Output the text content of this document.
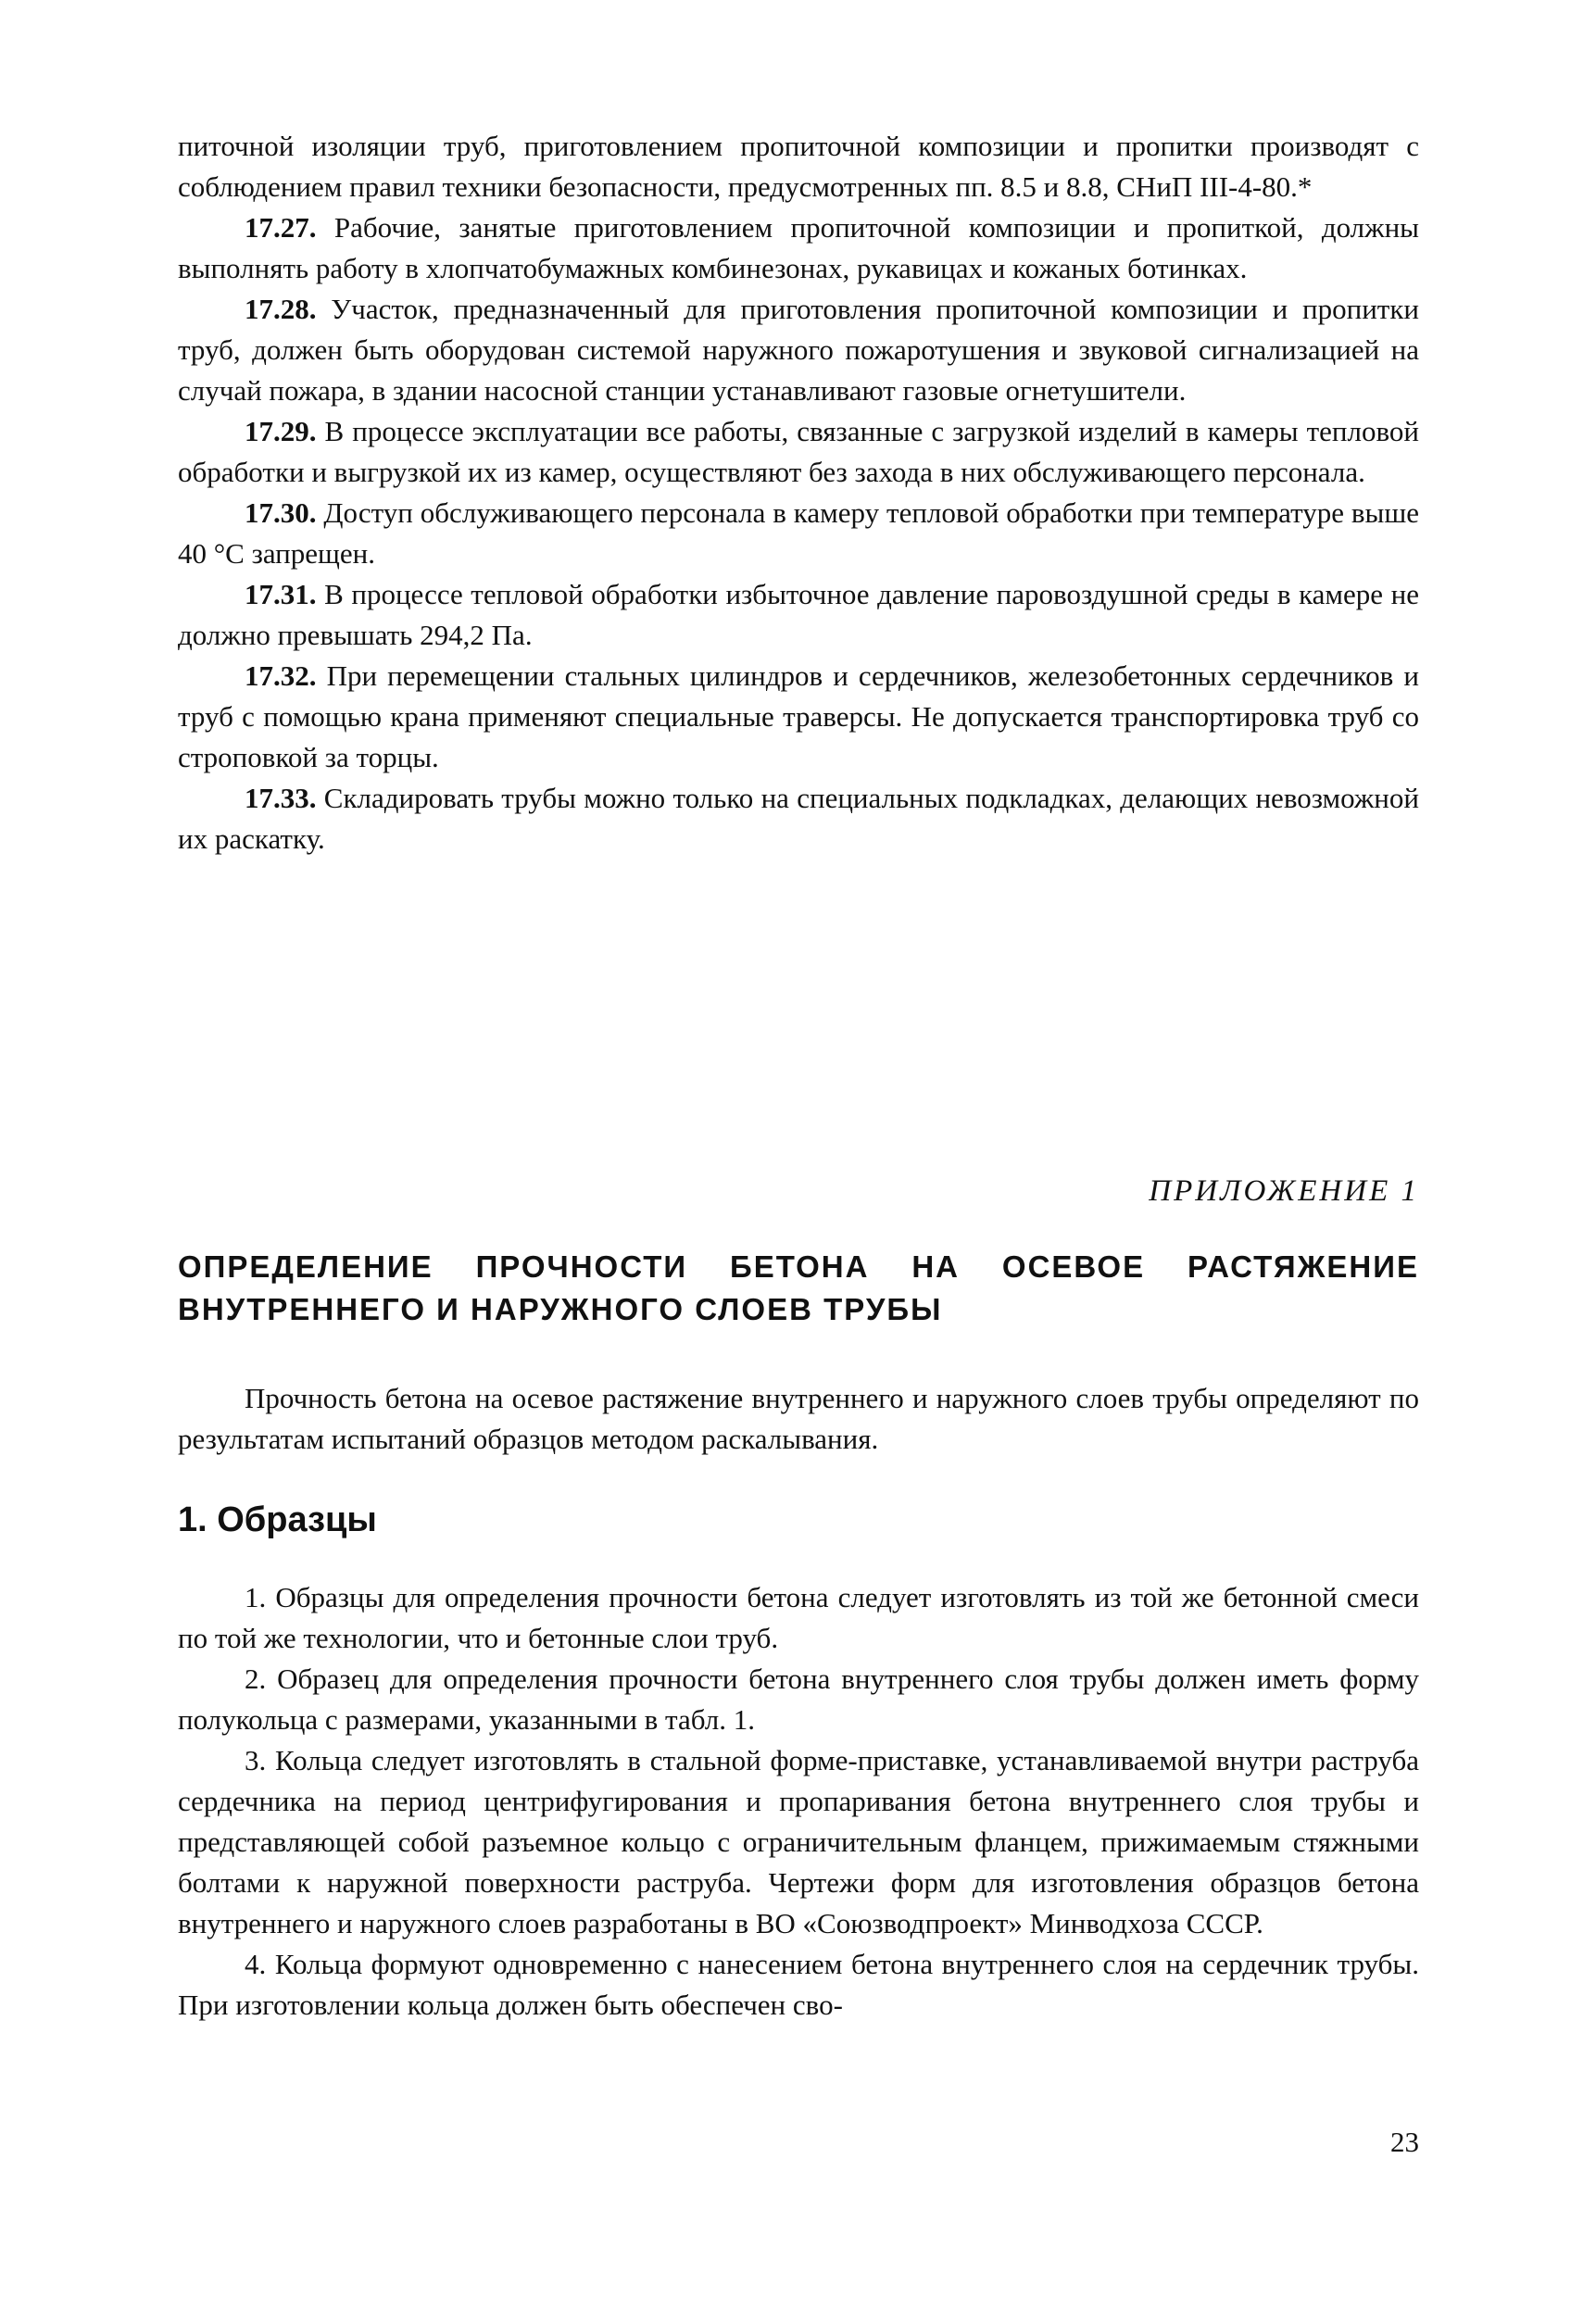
питочной изоляции труб, приготовлением пропиточной композиции и пропитки производят с соблюдением правил техники безопасности, предусмотренных пп. 8.5 и 8.8, СНиП III-4-80.*

17.27. Рабочие, занятые приготовлением пропиточной композиции и пропиткой, должны выполнять работу в хлопчатобумажных комбинезонах, рукавицах и кожаных ботинках.

17.28. Участок, предназначенный для приготовления пропиточной композиции и пропитки труб, должен быть оборудован системой наружного пожаротушения и звуковой сигнализацией на случай пожара, в здании насосной станции устанавливают газовые огнетушители.

17.29. В процессе эксплуатации все работы, связанные с загрузкой изделий в камеры тепловой обработки и выгрузкой их из камер, осуществляют без захода в них обслуживающего персонала.

17.30. Доступ обслуживающего персонала в камеру тепловой обработки при температуре выше 40 °С запрещен.

17.31. В процессе тепловой обработки избыточное давление паровоздушной среды в камере не должно превышать 294,2 Па.

17.32. При перемещении стальных цилиндров и сердечников, железобетонных сердечников и труб с помощью крана применяют специальные траверсы. Не допускается транспортировка труб со строповкой за торцы.

17.33. Складировать трубы можно только на специальных подкладках, делающих невозможной их раскатку.

ПРИЛОЖЕНИЕ 1
ОПРЕДЕЛЕНИЕ ПРОЧНОСТИ БЕТОНА НА ОСЕВОЕ РАСТЯЖЕНИЕ
ВНУТРЕННЕГО И НАРУЖНОГО СЛОЕВ ТРУБЫ

Прочность бетона на осевое растяжение внутреннего и наружного слоев трубы определяют по результатам испытаний образцов методом раскалывания.

1. Образцы

1. Образцы для определения прочности бетона следует изготовлять из той же бетонной смеси по той же технологии, что и бетонные слои труб.

2. Образец для определения прочности бетона внутреннего слоя трубы должен иметь форму полукольца с размерами, указанными в табл. 1.

3. Кольца следует изготовлять в стальной форме-приставке, устанавливаемой внутри раструба сердечника на период центрифугирования и пропаривания бетона внутреннего слоя трубы и представляющей собой разъемное кольцо с ограничительным фланцем, прижимаемым стяжными болтами к наружной поверхности раструба. Чертежи форм для изготовления образцов бетона внутреннего и наружного слоев разработаны в ВО «Союзводпроект» Минводхоза СССР.

4. Кольца формуют одновременно с нанесением бетона внутреннего слоя на сердечник трубы. При изготовлении кольца должен быть обеспечен сво-

23
